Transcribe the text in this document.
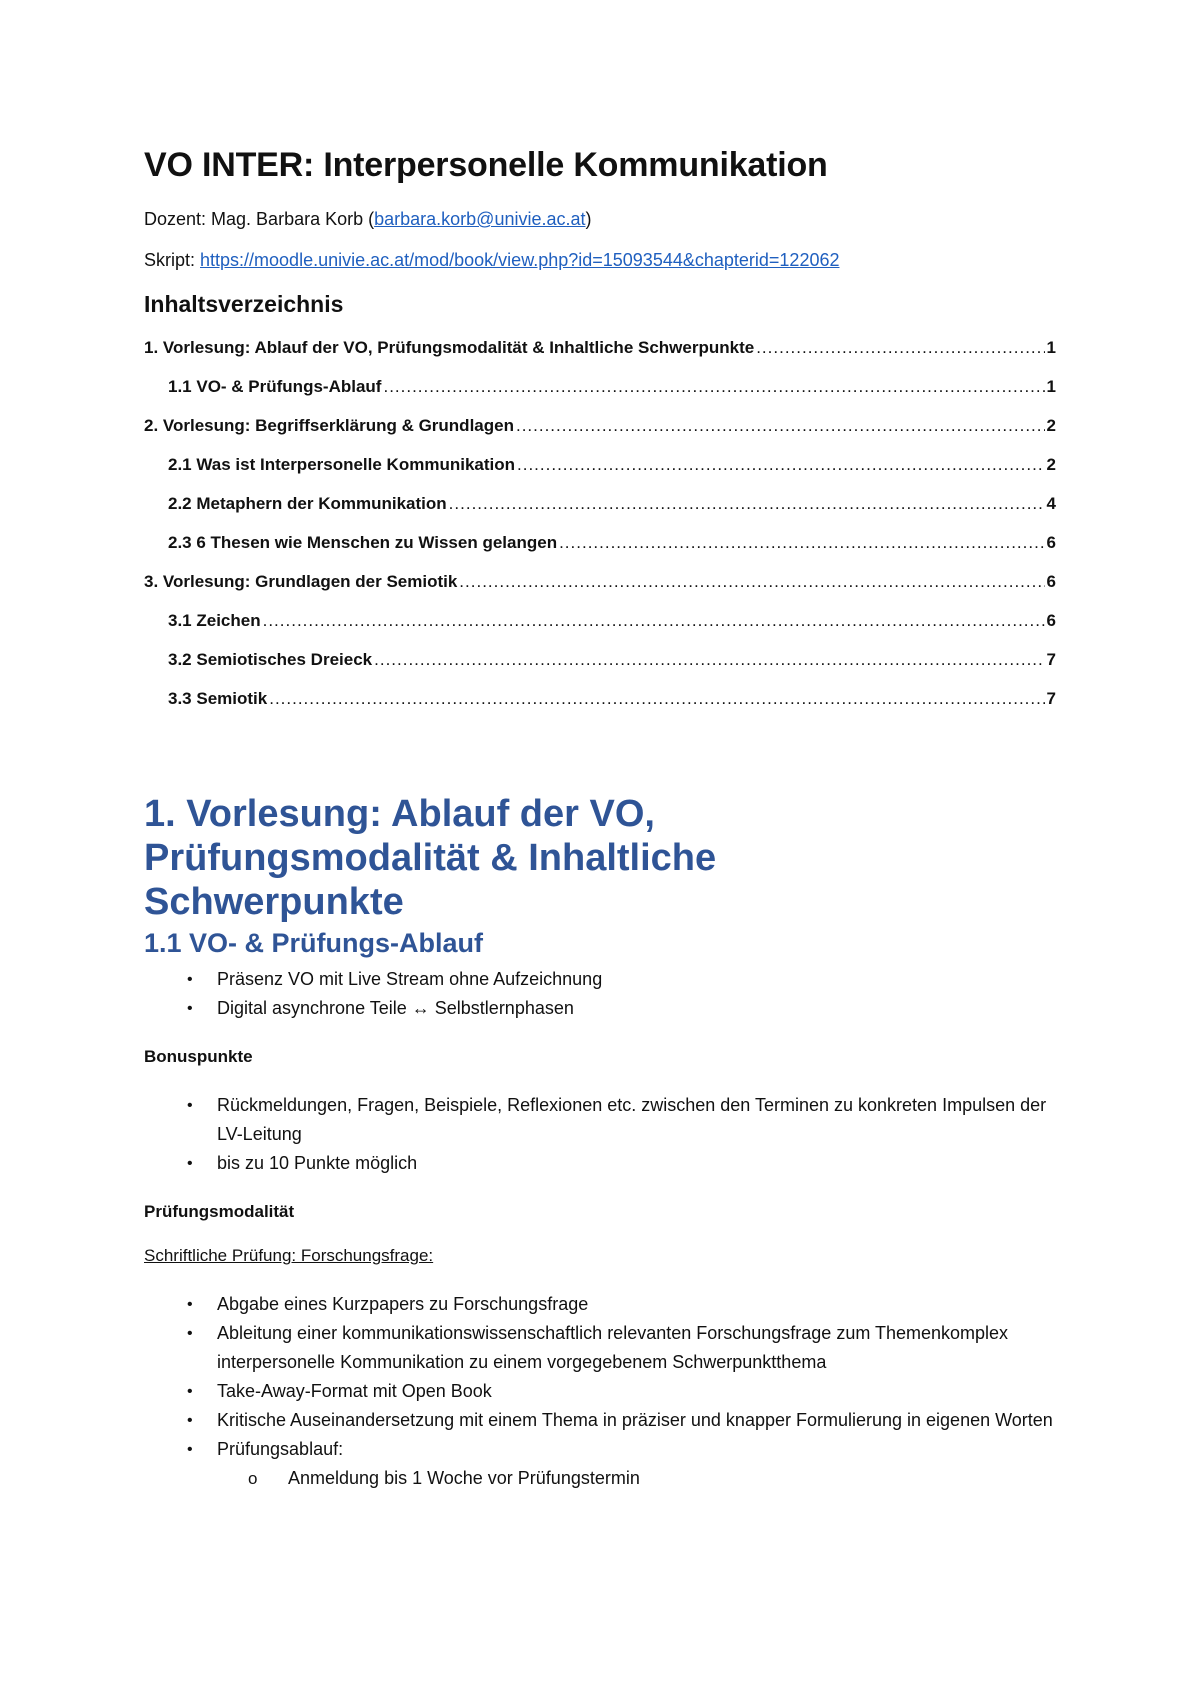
VO INTER: Interpersonelle Kommunikation

Dozent: Mag. Barbara Korb (barbara.korb@univie.ac.at)

Skript: https://moodle.univie.ac.at/mod/book/view.php?id=15093544&chapterid=122062

Inhaltsverzeichnis
1. Vorlesung: Ablauf der VO, Prüfungsmodalität & Inhaltliche Schwerpunkte .....	1
1.1 VO- & Prüfungs-Ablauf .....	1
2. Vorlesung: Begriffserklärung & Grundlagen .....	2
2.1 Was ist Interpersonelle Kommunikation .....	2
2.2 Metaphern der Kommunikation .....	4
2.3 6 Thesen wie Menschen zu Wissen gelangen .....	6
3. Vorlesung: Grundlagen der Semiotik .....	6
3.1 Zeichen .....	6
3.2 Semiotisches Dreieck .....	7
3.3 Semiotik .....	7
1. Vorlesung: Ablauf der VO, Prüfungsmodalität & Inhaltliche Schwerpunkte
1.1 VO- & Prüfungs-Ablauf
• Präsenz VO mit Live Stream ohne Aufzeichnung
• Digital asynchrone Teile ↔ Selbstlernphasen
Bonuspunkte
• Rückmeldungen, Fragen, Beispiele, Reflexionen etc. zwischen den Terminen zu konkreten Impulsen der LV-Leitung
• bis zu 10 Punkte möglich
Prüfungsmodalität
Schriftliche Prüfung: Forschungsfrage:
• Abgabe eines Kurzpapers zu Forschungsfrage
• Ableitung einer kommunikationswissenschaftlich relevanten Forschungsfrage zum Themenkomplex interpersonelle Kommunikation zu einem vorgegebenem Schwerpunktthema
• Take-Away-Format mit Open Book
• Kritische Auseinandersetzung mit einem Thema in präziser und knapper Formulierung in eigenen Worten
• Prüfungsablauf:
o Anmeldung bis 1 Woche vor Prüfungstermin
